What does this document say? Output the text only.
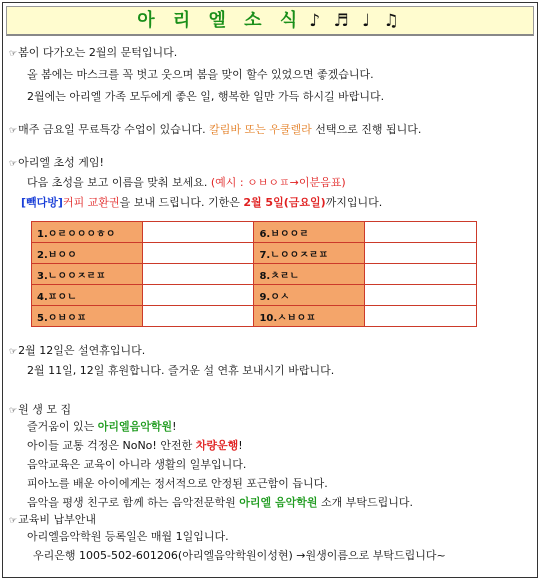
아 리 엘 소 식 ♪ ♬ ♩ ♫
☞봄이 다가오는 2월의 문턱입니다.
올 봄에는 마스크를 꼭 벗고 웃으며 봄을 맞이 할수 있었으면 좋겠습니다.
2월에는 아리엘 가족 모두에게 좋은 일, 행복한 일만 가득 하시길 바랍니다.
☞매주 금요일 무료특강 수업이 있습니다. 칼림바 또는 우쿨렐라 선택으로 진행 됩니다.
☞아리엘 초성 게임!
다음 초성을 보고 이름을 맞춰 보세요. (예시 : ㅇㅂㅇㅍ→이분음표)
[빽다방]커피 교환권을 보내 드립니다. 기한은 2월 5일(금요일)까지입니다.
1.ㅇㄹㅇㅇㅇㅎㅇ		6.ㅂㅇㅇㄹ	
2.ㅂㅇㅇ		7.ㄴㅇㅇㅈㄹㅍ	
3.ㄴㅇㅇㅈㄹㅍ		8.ㅊㄹㄴ	
4.ㅍㅇㄴ		9.ㅇㅅ	
5.ㅇㅂㅇㅍ		10.ㅅㅂㅇㅍ	
☞2월 12일은 설연휴입니다.
2월 11일, 12일 휴원합니다. 즐거운 설 연휴 보내시기 바랍니다.
☞원 생 모 집
즐거움이 있는 아리엘음악학원!
아이들 교통 걱정은 NoNo! 안전한 차량운행!
음악교육은 교육이 아니라 생활의 일부입니다.
피아노를 배운 아이에게는 정서적으로 안정된 포근함이 듭니다.
음악을 평생 친구로 함께 하는 음악전문학원 아리엘 음악학원 소개 부탁드립니다.
☞교육비 납부안내
아리엘음악학원 등록일은 매월 1일입니다.
우리은행 1005-502-601206(아리엘음악학원이성현) →원생이름으로 부탁드립니다~
